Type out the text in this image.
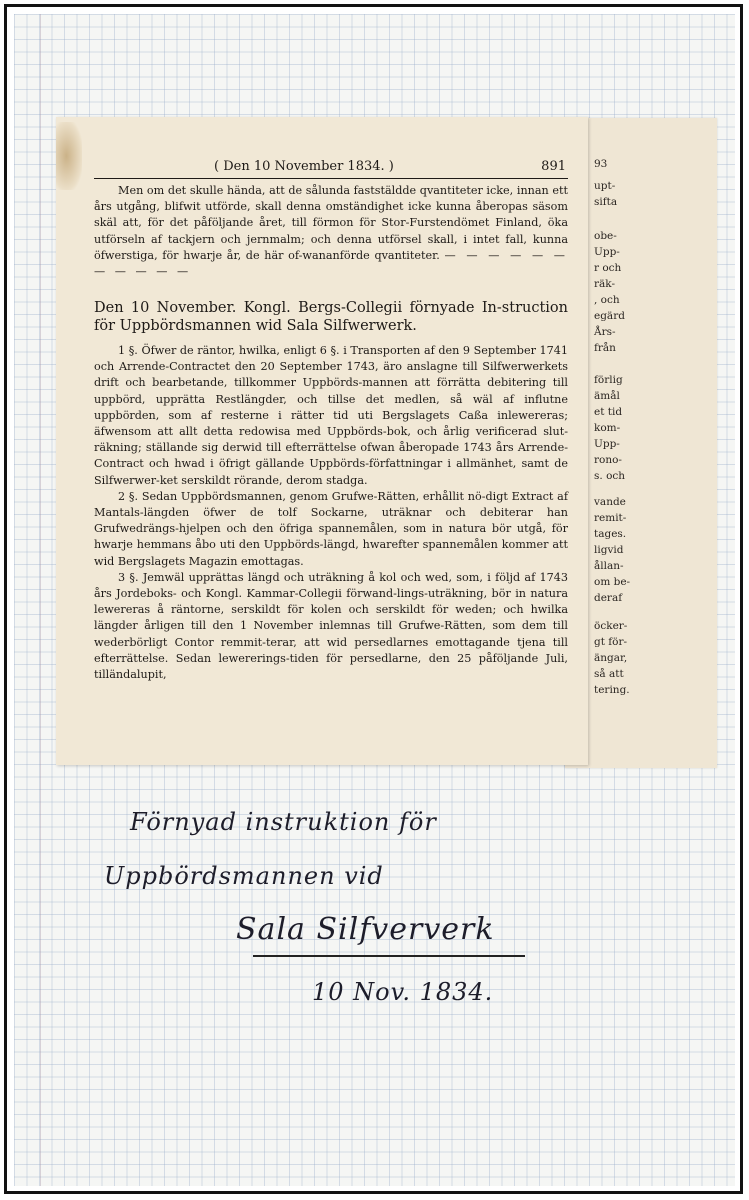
93
upt-
sifta
obe-
Upp-
r och
räk-
, och
egärd
Års-
från
förlig
ämål
et tid
kom-
Upp-
rono-
s. och
vande
remit-
tages.
ligvid
ållan-
om be-
deraf
öcker-
gt för-
ängar,
så att
tering.
( Den 10 November 1834. )	891

Men om det skulle hända, att de sålunda faststäldde qvantiteter icke, innan ett års utgång, blifwit utförde, skall denna omständighet icke kunna åberopas säsom skäl att, för det påföljande året, till förmon för Stor-Furstendömet Finland, öka utförseln af tackjern och jernmalm; och denna utförsel skall, i intet fall, kunna öfwerstiga, för hwarje år, de här of-wananförde qvantiteter. — — — — — — — — — — —

Den 10 November. Kongl. Bergs-Collegii förnyade In-struction för Uppbördsmannen wid Sala Silfwerwerk.

1 §. Öfwer de räntor, hwilka, enligt 6 §. i Transporten af den 9 September 1741 och Arrende-Contractet den 20 September 1743, äro anslagne till Silfwerwerkets drift och bearbetande, tillkommer Uppbörds-mannen att förrätta debitering till uppbörd, upprätta Restlängder, och tillse det medlen, så wäl af influtne uppbörden, som af resterne i rätter tid uti Bergslagets Caßa inlewereras; äfwensom att allt detta redowisa med Uppbörds-bok, och årlig verificerad slut-räkning; ställande sig derwid till efterrättelse ofwan åberopade 1743 års Arrende-Contract och hwad i öfrigt gällande Uppbörds-författningar i allmänhet, samt de Silfwerwer-ket serskildt rörande, derom stadga.

2 §. Sedan Uppbördsmannen, genom Grufwe-Rätten, erhållit nö-digt Extract af Mantals-längden öfwer de tolf Sockarne, uträknar och debiterar han Grufwedrängs-hjelpen och den öfriga spannemålen, som in natura bör utgå, för hwarje hemmans åbo uti den Uppbörds-längd, hwarefter spannemålen kommer att wid Bergslagets Magazin emottagas.

3 §. Jemwäl upprättas längd och uträkning å kol och wed, som, i följd af 1743 års Jordeboks- och Kongl. Kammar-Collegii förwand-lings-uträkning, bör in natura lewereras å räntorne, serskildt för kolen och serskildt för weden; och hwilka längder årligen till den 1 November inlemnas till Grufwe-Rätten, som dem till wederbörligt Contor remmit-terar, att wid persedlarnes emottagande tjena till efterrättelse. Sedan lewererings-tiden för persedlarne, den 25 påföljande Juli, tilländalupit,

Förnyad instruktion för
Uppbördsmannen vid
Sala Silfververk
10 Nov. 1834.
